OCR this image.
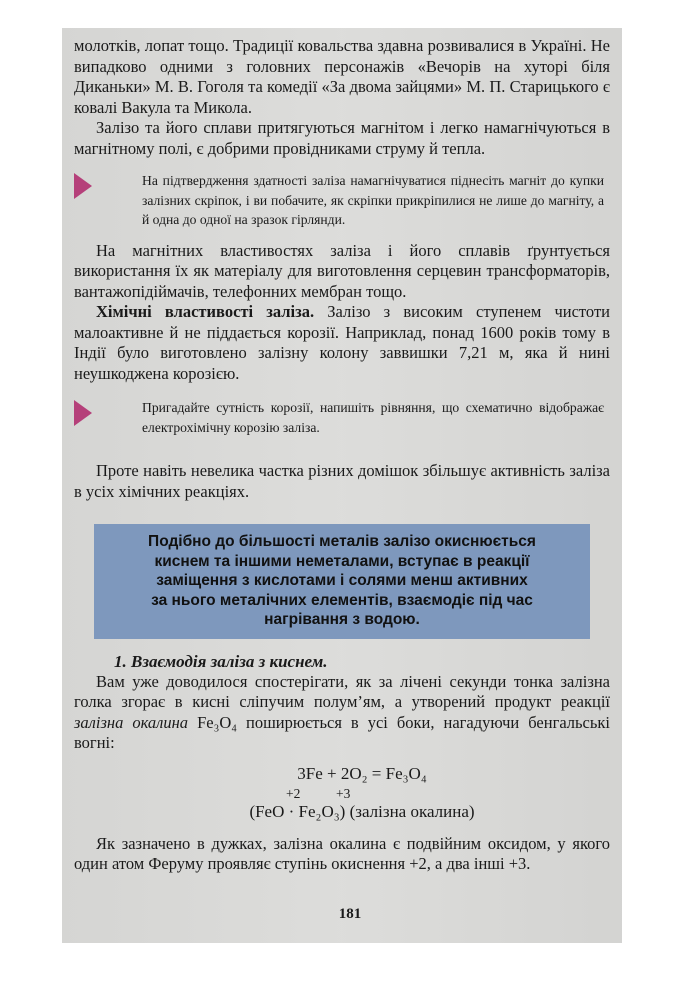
молотків, лопат тощо. Традиції ковальства здавна розвивалися в Україні. Не випадково одними з головних персонажів «Вечорів на хуторі біля Диканьки» М. В. Гоголя та комедії «За двома зайцями» М. П. Старицького є ковалі Вакула та Микола.

Залізо та його сплави притягуються магнітом і легко намагнічуються в магнітному полі, є добрими провідниками струму й тепла.

На підтвердження здатності заліза намагнічуватися піднесіть магніт до купки залізних скріпок, і ви побачите, як скріпки прикріпилися не лише до магніту, а й одна до одної на зразок гірлянди.

На магнітних властивостях заліза і його сплавів ґрунтується використання їх як матеріалу для виготовлення серцевин трансформаторів, вантажопідіймачів, телефонних мембран тощо.

Хімічні властивості заліза. Залізо з високим ступенем чистоти малоактивне й не піддається корозії. Наприклад, понад 1600 років тому в Індії було виготовлено залізну колону заввишки 7,21 м, яка й нині неушкоджена корозією.

Пригадайте сутність корозії, напишіть рівняння, що схематично відображає електрохімічну корозію заліза.

Проте навіть невелика частка різних домішок збільшує активність заліза в усіх хімічних реакціях.

Подібно до більшості металів залізо окиснюється
киснем та іншими неметалами, вступає в реакції
заміщення з кислотами і солями менш активних
за нього металічних елементів, взаємодіє під час
нагрівання з водою.
1. Взаємодія заліза з киснем.

Вам уже доводилося спостерігати, як за лічені секунди тонка залізна голка згорає в кисні сліпучим полум’ям, а утворений продукт реакції залізна окалина Fe₃O₄ поширюється в усі боки, нагадуючи бенгальські вогні:

3Fe + 2O₂ = Fe₃O₄
+2	+3
(FeO · Fe₂O₃) (залізна окалина)

Як зазначено в дужках, залізна окалина є подвійним оксидом, у якого один атом Феруму проявляє ступінь окиснення +2, а два інші +3.

181
